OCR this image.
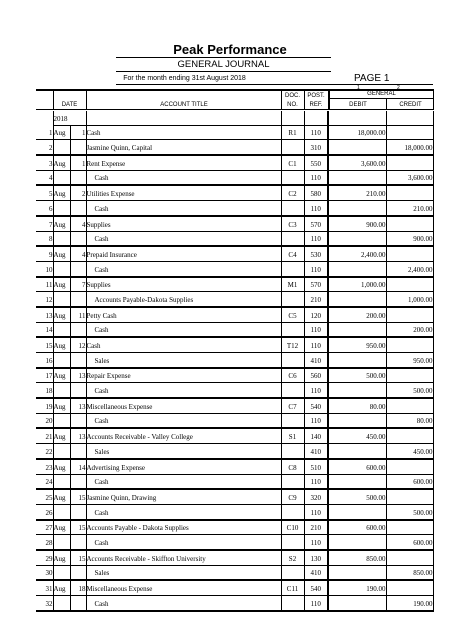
Peak Performance
GENERAL JOURNAL
For the month ending 31st August 2018	PAGE 1
1	2
GENERAL
DATE	ACCOUNT TITLE
DOC.
NO.
POST.
REF.	DEBIT	CREDIT
	2018						
1	Aug	1	Cash	R1	110	18,000.00	
2			Jasmine Quinn, Capital		310		18,000.00
3	Aug	1	Rent Expense	C1	550	3,600.00	
4			Cash		110		3,600.00
5	Aug	2	Utilities Expense	C2	580	210.00	
6			Cash		110		210.00
7	Aug	4	Supplies	C3	570	900.00	
8			Cash		110		900.00
9	Aug	4	Prepaid Insurance	C4	530	2,400.00	
10			Cash		110		2,400.00
11	Aug	7	Supplies	M1	570	1,000.00	
12			Accounts Payable-Dakota Supplies		210		1,000.00
13	Aug	11	Petty Cash	C5	120	200.00	
14			Cash		110		200.00
15	Aug	12	Cash	T12	110	950.00	
16			Sales		410		950.00
17	Aug	13	Repair Expense	C6	560	500.00	
18			Cash		110		500.00
19	Aug	13	Miscellaneous Expense	C7	540	80.00	
20			Cash		110		80.00
21	Aug	13	Accounts Receivable - Valley College	S1	140	450.00	
22			Sales		410		450.00
23	Aug	14	Advertising Expense	C8	510	600.00	
24			Cash		110		600.00
25	Aug	15	Jasmine Quinn, Drawing	C9	320	500.00	
26			Cash		110		500.00
27	Aug	15	Accounts Payable - Dakota Supplies	C10	210	600.00	
28			Cash		110		600.00
29	Aug	15	Accounts Receivable - Skiffton University	S2	130	850.00	
30			Sales		410		850.00
31	Aug	18	Miscellaneous Expense	C11	540	190.00	
32			Cash		110		190.00
